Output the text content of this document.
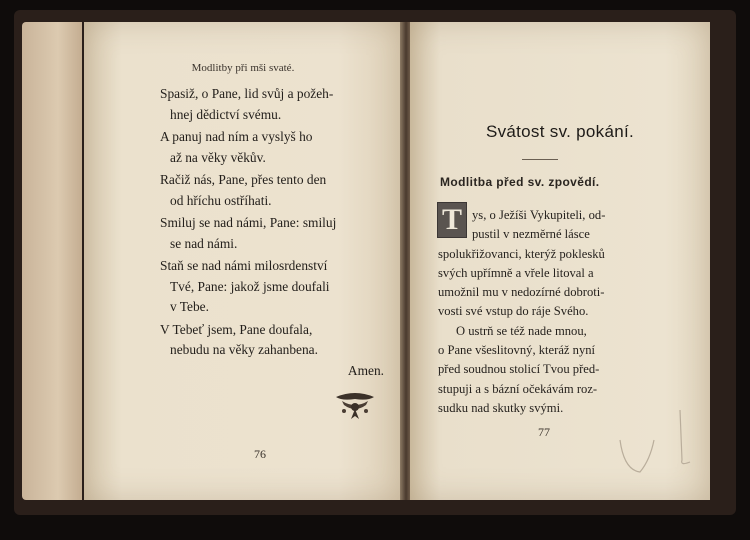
Modlitby při mši svaté.
Spasiž, o Pane, lid svůj a požeh-
hnej dědictví svému.
A panuj nad ním a vyslyš ho
až na věky věkův.
Račiž nás, Pane, přes tento den
od hříchu ostříhati.
Smiluj se nad námi, Pane: smiluj
se nad námi.
Staň se nad námi milosrdenství
Tvé, Pane: jakož jsme doufali
v Tebe.
V Tebeť jsem, Pane doufala,
nebudu na věky zahanbena.
Amen.
76
Svátost sv. pokání.
Modlitba před sv. zpovědí.
T ys, o Ježíši Vykupiteli, od-
pustil v nezměrné lásce
spolukřižovanci, kterýž poklesků
svých upřímně a vřele litoval a
umožnil mu v nedozírné dobroti-
vosti své vstup do ráje Svého.
O ustrň se též nade mnou,
o Pane všeslitovný, kteráž nyní
před soudnou stolicí Tvou před-
stupuji a s bázní očekávám roz-
sudku nad skutky svými.
77
